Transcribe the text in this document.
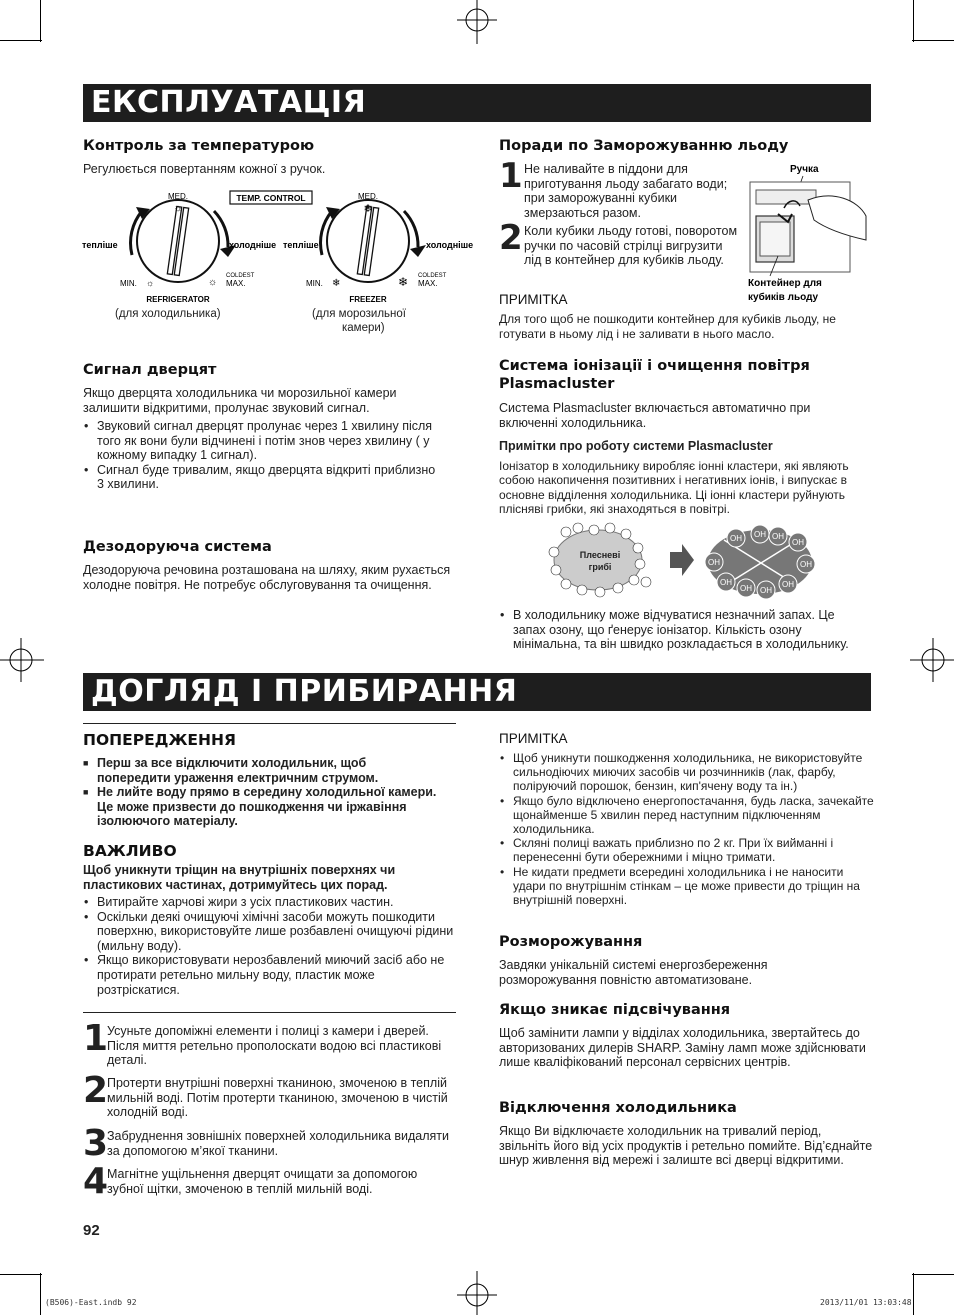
ЕКСПЛУАТАЦІЯ
Контроль за температурою

Регулюється повертанням кожної з ручок.

MED.
☼
MIN. ☼	☼
COLDEST
MAX.
тепліше	холодніше
REFRIGERATOR
TEMP. CONTROL	MED.
❄
MIN. ❄	❄ COLDEST
MAX.
тепліше	холодніше
FREEZER

(для холодильника)	(для морозильної

камери)

Сигнал дверцят

Якщо дверцята холодильника чи морозильної камери

залишити відкритими, пролунає звуковий сигнал.

• Звуковий сигнал дверцят пролунає через 1 хвилину після того як вони були відчинені і потім знов через хвилину ( у кожному випадку 1 сигнал).
• Сигнал буде тривалим, якщо дверцята відкриті приблизно 3 хвилини.
Дезодоруюча система

Дезодоруюча речовина розташована на шляху, яким рухається холодне повітря. Не потребує обслуговування та очищення.

Поради по Заморожуванню льоду
1 Не наливайте в піддони для приготування льоду забагато води; при заморожуванні кубики змерзаються разом.
2 Коли кубики льоду готові, поворотом ручки по часовій стрілці вигрузити лід в контейнер для кубиків льоду.
Ручка
Контейнер для
кубиків льоду

ПРИМІТКА

Для того щоб не пошкодити контейнер для кубиків льоду, не готувати в ньому лід і не заливати в нього масло.

Система іонізації і очищення повітря Plasmacluster

Система Plasmacluster включається автоматично при включенні холодильника.

Примітки про роботу системи Plasmacluster

Іонізатор в холодильнику виробляє іонні кластери, які являють собою накопичення позитивних і негативних іонів, і випускає в основне відділення холодильника. Ці іонні кластери руйнують плісняві грибки, які знаходяться в повітрі.

Плесневі
грибі
OH OH OH
OH
OH	OH
OH
OH OH
OH
• В холодильнику може відчуватися незначний запах. Це запах озону, що ґенерує іонізатор. Кількість озону мінімальна, та він швидко розкладається в холодильнику.
ДОГЛЯД І ПРИБИРАННЯ
ПОПЕРЕДЖЕННЯ
■ Перш за все відключити холодильник, щоб попередити ураження електричним струмом.
■ Не лийте воду прямо в середину холодильної камери. Це може призвести до пошкодження чи іржавіння ізолюючого матеріалу.
ВАЖЛИВО

Щоб уникнути тріщин на внутрішніх поверхнях чи пластикових частинах, дотримуйтесь цих порад.

• Витирайте харчові жири з усіх пластикових частин.
• Оскільки деякі очищуючі хімічні засоби можуть пошкодити поверхню, використовуйте лише розбавлені очищуючі рідини (мильну воду).
• Якщо використовувати нерозбавлений миючий засіб або не протирати ретельно мильну воду, пластик може розтріскатися.
1
Усуньте допоміжні елементи і полиці з камери і дверей. Після миття ретельно прополоскати водою всі пластикові деталі.
2
Протерти внутрішні поверхні тканиною, змоченою в теплій мильній воді. Потім протерти тканиною, змоченою в чистій холодній воді.
3
Забруднення зовнішніх поверхней холодильника видаляти за допомогою м’якої тканини.
4
Магнітне ущільнення дверцят очищати за допомогою зубної щітки, змоченою в теплій мильній воді.

92

ПРИМІТКА

• Щоб уникнути пошкодження холодильника, не використовуйте сильнодіючих миючих засобів чи розчинників (лак, фарбу, поліруючий порошок, бензин, кип'ячену воду та ін.)
• Якщо було відключено енергопостачання, будь ласка, зачекайте щонайменше 5 хвилин перед наступним підключенням холодильника.
• Скляні полиці важать приблизно по 2 кг. При їх вийманні і перенесенні бути обережними і міцно тримати.
• Не кидати предмети всередині холодильника і не наносити удари по внутрішнім стінкам – це може привести до тріщин на внутрішній поверхні.
Розморожування

Завдяки унікальній системі енергозбереження розморожування повністю автоматизоване.

Якщо зникає підсвічування

Щоб замінити лампи у відділах холодильника, звертайтесь до авторизованих дилерів SHARP. Заміну ламп може здійснювати лише кваліфікований персонал сервісних центрів.

Відключення холодильника

Якщо Ви відключаєте холодильник на тривалий період, звільніть його від усіх продуктів і ретельно помийте. Від’єднайте шнур живлення від мережі і залиште всі дверці відкритими.

(B506)-East.indb 92	2013/11/01 13:03:48
